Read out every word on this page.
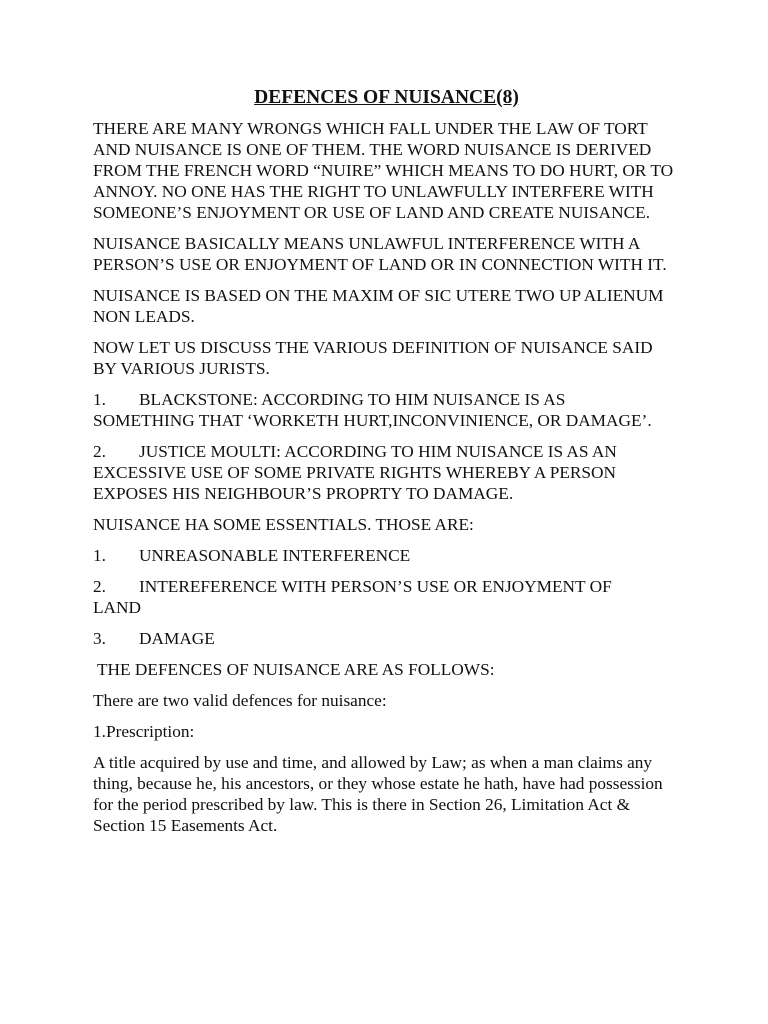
DEFENCES OF NUISANCE(8)

THERE ARE MANY WRONGS WHICH FALL UNDER THE LAW OF TORT AND NUISANCE IS ONE OF THEM. THE WORD NUISANCE IS DERIVED FROM THE FRENCH WORD “NUIRE” WHICH MEANS TO DO HURT, OR TO ANNOY. NO ONE HAS THE RIGHT TO UNLAWFULLY INTERFERE WITH SOMEONE’S ENJOYMENT OR USE OF LAND AND CREATE NUISANCE.

NUISANCE BASICALLY MEANS UNLAWFUL INTERFERENCE WITH A PERSON’S USE OR ENJOYMENT OF LAND OR IN CONNECTION WITH IT.

NUISANCE IS BASED ON THE MAXIM OF SIC UTERE TWO UP ALIENUM NON LEADS.

NOW LET US DISCUSS THE VARIOUS DEFINITION OF NUISANCE SAID BY VARIOUS JURISTS.

1.	BLACKSTONE: ACCORDING TO HIM NUISANCE IS AS
SOMETHING THAT ‘WORKETH HURT,INCONVINIENCE, OR DAMAGE’.
2.	JUSTICE MOULTI: ACCORDING TO HIM NUISANCE IS AS AN
EXCESSIVE USE OF SOME PRIVATE RIGHTS WHEREBY A PERSON EXPOSES HIS NEIGHBOUR’S PROPRTY TO DAMAGE.

NUISANCE HA SOME ESSENTIALS. THOSE ARE:

1.	UNREASONABLE INTERFERENCE
2.	INTEREFERENCE WITH PERSON’S USE OR ENJOYMENT OF
LAND
3.	DAMAGE

THE DEFENCES OF NUISANCE ARE AS FOLLOWS:

There are two valid defences for nuisance:

1.Prescription:

A title acquired by use and time, and allowed by Law; as when a man claims any thing, because he, his ancestors, or they whose estate he hath, have had possession for the period prescribed by law. This is there in Section 26, Limitation Act & Section 15 Easements Act.
